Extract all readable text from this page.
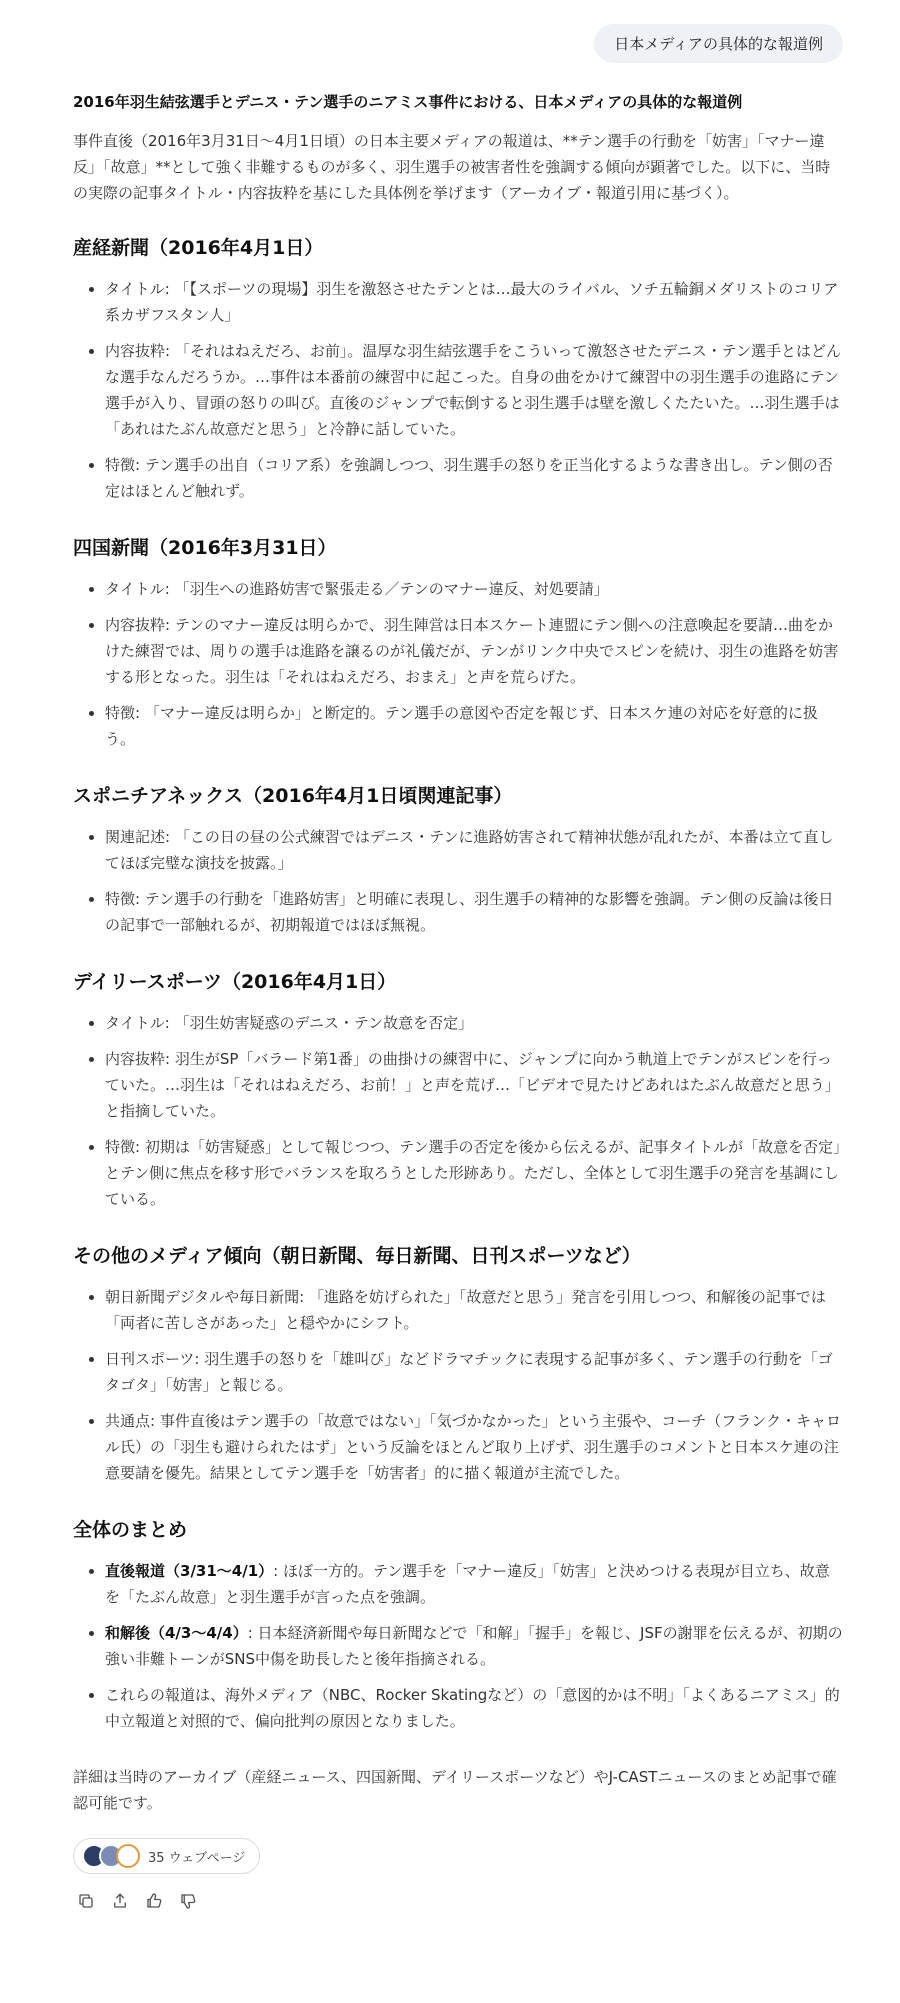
日本メディアの具体的な報道例
2016年羽生結弦選手とデニス・テン選手のニアミス事件における、日本メディアの具体的な報道例

事件直後（2016年3月31日〜4月1日頃）の日本主要メディアの報道は、**テン選手の行動を「妨害」「マナー違反」「故意」**として強く非難するものが多く、羽生選手の被害者性を強調する傾向が顕著でした。以下に、当時の実際の記事タイトル・内容抜粋を基にした具体例を挙げます（アーカイブ・報道引用に基づく）。

産経新聞（2016年4月1日）
• タイトル: 「【スポーツの現場】羽生を激怒させたテンとは…最大のライバル、ソチ五輪銅メダリストのコリア系カザフスタン人」
• 内容抜粋: 「それはねえだろ、お前」。温厚な羽生結弦選手をこういって激怒させたデニス・テン選手とはどんな選手なんだろうか。…事件は本番前の練習中に起こった。自身の曲をかけて練習中の羽生選手の進路にテン選手が入り、冒頭の怒りの叫び。直後のジャンプで転倒すると羽生選手は壁を激しくたたいた。…羽生選手は「あれはたぶん故意だと思う」と冷静に話していた。
• 特徴: テン選手の出自（コリア系）を強調しつつ、羽生選手の怒りを正当化するような書き出し。テン側の否定はほとんど触れず。
四国新聞（2016年3月31日）
• タイトル: 「羽生への進路妨害で緊張走る／テンのマナー違反、対処要請」
• 内容抜粋: テンのマナー違反は明らかで、羽生陣営は日本スケート連盟にテン側への注意喚起を要請…曲をかけた練習では、周りの選手は進路を譲るのが礼儀だが、テンがリンク中央でスピンを続け、羽生の進路を妨害する形となった。羽生は「それはねえだろ、おまえ」と声を荒らげた。
• 特徴: 「マナー違反は明らか」と断定的。テン選手の意図や否定を報じず、日本スケ連の対応を好意的に扱う。
スポニチアネックス（2016年4月1日頃関連記事）
• 関連記述: 「この日の昼の公式練習ではデニス・テンに進路妨害されて精神状態が乱れたが、本番は立て直してほぼ完璧な演技を披露。」
• 特徴: テン選手の行動を「進路妨害」と明確に表現し、羽生選手の精神的な影響を強調。テン側の反論は後日の記事で一部触れるが、初期報道ではほぼ無視。
デイリースポーツ（2016年4月1日）
• タイトル: 「羽生妨害疑惑のデニス・テン故意を否定」
• 内容抜粋: 羽生がSP「バラード第1番」の曲掛けの練習中に、ジャンプに向かう軌道上でテンがスピンを行っていた。…羽生は「それはねえだろ、お前！」と声を荒げ…「ビデオで見たけどあれはたぶん故意だと思う」と指摘していた。
• 特徴: 初期は「妨害疑惑」として報じつつ、テン選手の否定を後から伝えるが、記事タイトルが「故意を否定」とテン側に焦点を移す形でバランスを取ろうとした形跡あり。ただし、全体として羽生選手の発言を基調にしている。
その他のメディア傾向（朝日新聞、毎日新聞、日刊スポーツなど）
• 朝日新聞デジタルや毎日新聞: 「進路を妨げられた」「故意だと思う」発言を引用しつつ、和解後の記事では「両者に苦しさがあった」と穏やかにシフト。
• 日刊スポーツ: 羽生選手の怒りを「雄叫び」などドラマチックに表現する記事が多く、テン選手の行動を「ゴタゴタ」「妨害」と報じる。
• 共通点: 事件直後はテン選手の「故意ではない」「気づかなかった」という主張や、コーチ（フランク・キャロル氏）の「羽生も避けられたはず」という反論をほとんど取り上げず、羽生選手のコメントと日本スケ連の注意要請を優先。結果としてテン選手を「妨害者」的に描く報道が主流でした。
全体のまとめ
• 直後報道（3/31〜4/1）: ほぼ一方的。テン選手を「マナー違反」「妨害」と決めつける表現が目立ち、故意を「たぶん故意」と羽生選手が言った点を強調。
• 和解後（4/3〜4/4）: 日本経済新聞や毎日新聞などで「和解」「握手」を報じ、JSFの謝罪を伝えるが、初期の強い非難トーンがSNS中傷を助長したと後年指摘される。
• これらの報道は、海外メディア（NBC、Rocker Skatingなど）の「意図的かは不明」「よくあるニアミス」的中立報道と対照的で、偏向批判の原因となりました。

詳細は当時のアーカイブ（産経ニュース、四国新聞、デイリースポーツなど）やJ-CASTニュースのまとめ記事で確認可能です。

35 ウェブページ
